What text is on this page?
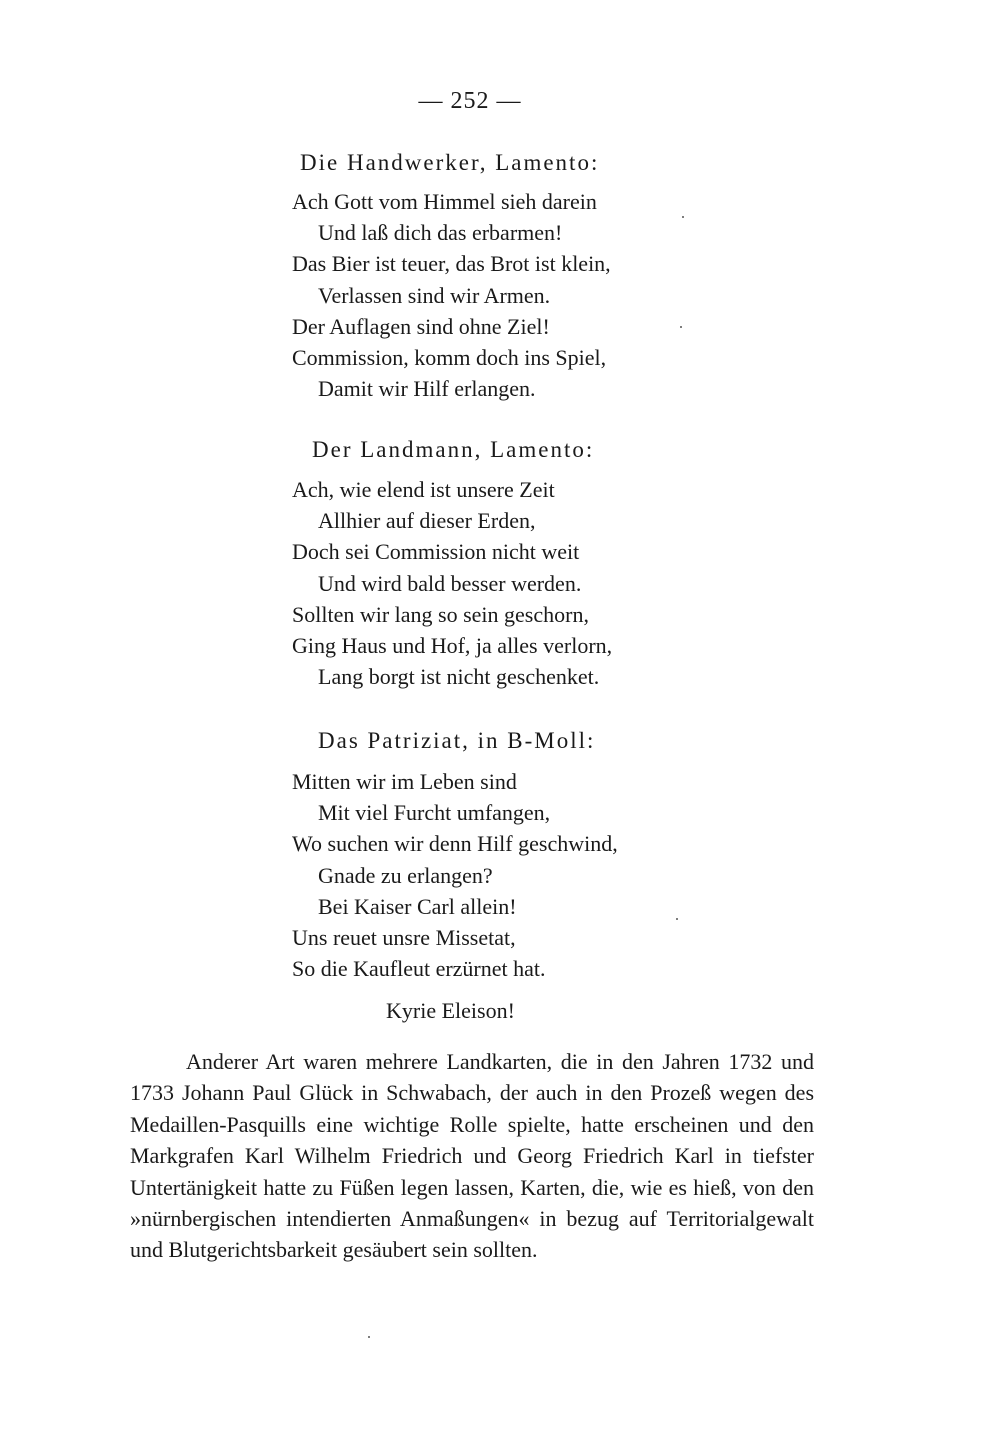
— 252 —
Die Handwerker, Lamento:
Ach Gott vom Himmel sieh darein
Und laß dich das erbarmen!
Das Bier ist teuer, das Brot ist klein,
Verlassen sind wir Armen.
Der Auflagen sind ohne Ziel!
Commission, komm doch ins Spiel,
Damit wir Hilf erlangen.
Der Landmann, Lamento:
Ach, wie elend ist unsere Zeit
Allhier auf dieser Erden,
Doch sei Commission nicht weit
Und wird bald besser werden.
Sollten wir lang so sein geschorn,
Ging Haus und Hof, ja alles verlorn,
Lang borgt ist nicht geschenket.
Das Patriziat, in B-Moll:
Mitten wir im Leben sind
Mit viel Furcht umfangen,
Wo suchen wir denn Hilf geschwind,
Gnade zu erlangen?
Bei Kaiser Carl allein!
Uns reuet unsre Missetat,
So die Kaufleut erzürnet hat.
Kyrie Eleison!

Anderer Art waren mehrere Landkarten, die in den Jahren 1732 und 1733 Johann Paul Glück in Schwabach, der auch in den Prozeß wegen des Medaillen-Pasquills eine wichtige Rolle spielte, hatte erscheinen und den Markgrafen Karl Wilhelm Friedrich und Georg Friedrich Karl in tiefster Untertänigkeit hatte zu Füßen legen lassen, Karten, die, wie es hieß, von den »nürnbergischen intendierten Anmaßungen« in bezug auf Territorialgewalt und Blutgerichtsbarkeit gesäubert sein sollten.
